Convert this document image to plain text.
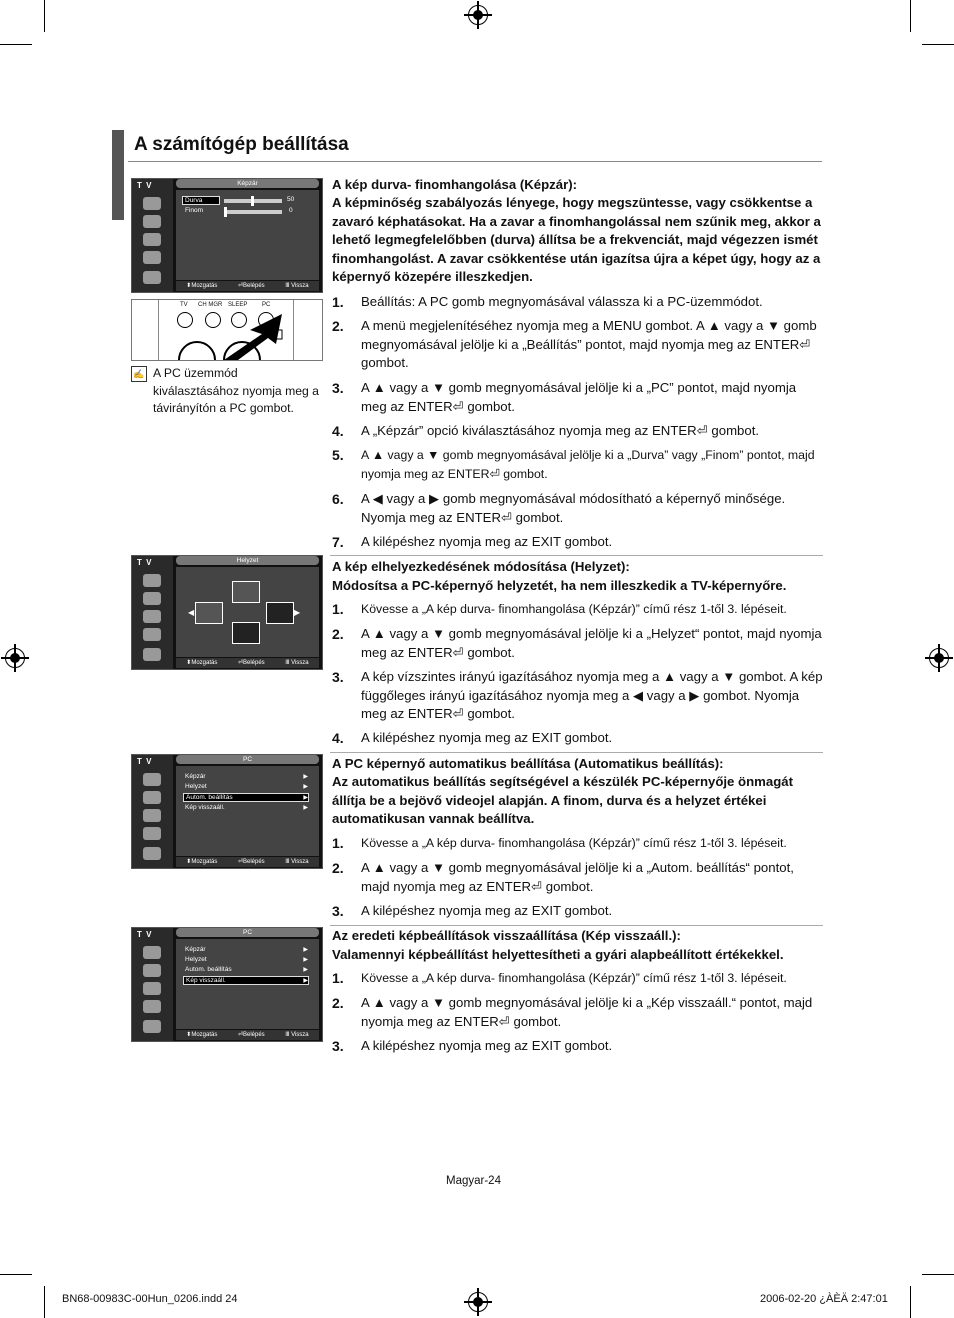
A számítógép beállítása
T V	Képzár
Durva	50
Finom	0
⬍Mozgatás	⏎Belépés	Ⅲ Vissza
TV CH MGR SLEEP PC
✍ A PC üzemmód kiválasztásához nyomja meg a távirányítón a PC gombot.
A kép durva- finomhangolása (Képzár):
A képminőség szabályozás lényege, hogy megszüntesse, vagy csökkentse a zavaró képhatásokat. Ha a zavar a finomhangolással nem szűnik meg, akkor a lehető legmegfelelőbben (durva) állítsa be a frekvenciát, majd végezzen ismét finomhangolást. A zavar csökkentése után igazítsa újra a képet úgy, hogy az a képernyő közepére illeszkedjen.
1.	Beállítás: A PC gomb megnyomásával válassza ki a PC-üzemmódot.
2.	A menü megjelenítéséhez nyomja meg a MENU gombot. A ▲ vagy a ▼ gomb megnyomásával jelölje ki a „Beállítás” pontot, majd nyomja meg az ENTER⏎ gombot.
3.	A ▲ vagy a ▼ gomb megnyomásával jelölje ki a „PC” pontot, majd nyomja meg az ENTER⏎ gombot.
4.	A „Képzár” opció kiválasztásához nyomja meg az ENTER⏎ gombot.
5.	A ▲ vagy a ▼ gomb megnyomásával jelölje ki a „Durva” vagy „Finom” pontot, majd nyomja meg az ENTER⏎ gombot.
6.	A ◀ vagy a ▶ gomb megnyomásával módosítható a képernyő minősége. Nyomja meg az ENTER⏎ gombot.
7.	A kilépéshez nyomja meg az EXIT gombot.
T V	Helyzet
◀	▶
⬍Mozgatás	⏎Belépés	Ⅲ Vissza
A kép elhelyezkedésének módosítása (Helyzet):
Módosítsa a PC-képernyő helyzetét, ha nem illeszkedik a TV-képernyőre.
1.	Kövesse a „A kép durva- finomhangolása (Képzár)” című rész 1-től 3. lépéseit.
2.	A ▲ vagy a ▼ gomb megnyomásával jelölje ki a „Helyzet“ pontot, majd nyomja meg az ENTER⏎ gombot.
3.	A kép vízszintes irányú igazításához nyomja meg a ▲ vagy a ▼ gombot. A kép függőleges irányú igazításához nyomja meg a ◀ vagy a ▶ gombot. Nyomja meg az ENTER⏎ gombot.
4.	A kilépéshez nyomja meg az EXIT gombot.
T V	PC
Képzár	▶
Helyzet	▶
Autom. beállítás	▶
Kép visszaáll.	▶
⬍Mozgatás	⏎Belépés	Ⅲ Vissza
A PC képernyő automatikus beállítása (Automatikus beállítás):
Az automatikus beállítás segítségével a készülék PC-képernyője önmagát állítja be a bejövő videojel alapján. A finom, durva és a helyzet értékei automatikusan vannak beállítva.
1.	Kövesse a „A kép durva- finomhangolása (Képzár)” című rész 1-től 3. lépéseit.
2.	A ▲ vagy a ▼ gomb megnyomásával jelölje ki a „Autom. beállítás“ pontot, majd nyomja meg az ENTER⏎ gombot.
3.	A kilépéshez nyomja meg az EXIT gombot.
T V	PC
Képzár	▶
Helyzet	▶
Autom. beállítás	▶
Kép visszaáll.	▶
⬍Mozgatás	⏎Belépés	Ⅲ Vissza
Az eredeti képbeállítások visszaállítása (Kép visszaáll.):
Valamennyi képbeállítást helyettesítheti a gyári alapbeállított értékekkel.
1.	Kövesse a „A kép durva- finomhangolása (Képzár)” című rész 1-től 3. lépéseit.
2.	A ▲ vagy a ▼ gomb megnyomásával jelölje ki a „Kép visszaáll.“ pontot, majd nyomja meg az ENTER⏎ gombot.
3.	A kilépéshez nyomja meg az EXIT gombot.
Magyar-24
BN68-00983C-00Hun_0206.indd 24	2006-02-20 ¿ÀÈÄ 2:47:01
